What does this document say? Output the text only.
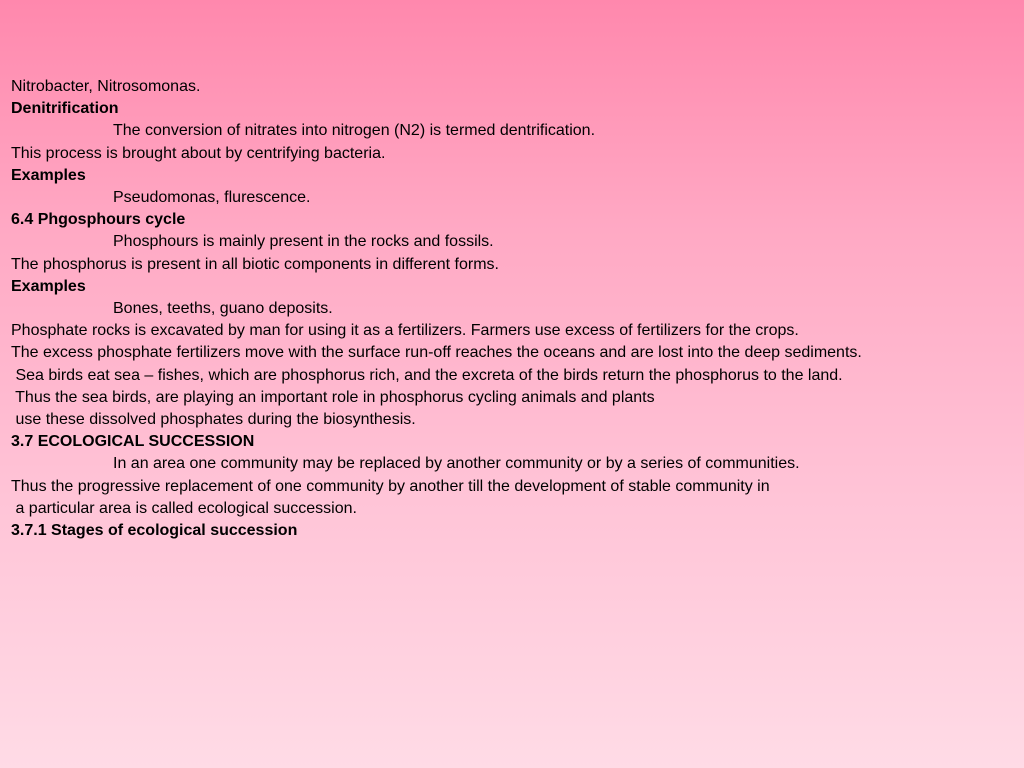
Nitrobacter, Nitrosomonas.

Denitrification

The conversion of nitrates into nitrogen (N2) is termed dentrification.

This process is brought about by centrifying bacteria.

Examples

Pseudomonas, flurescence.

6.4 Phgosphours cycle

Phosphours is mainly present in the rocks and fossils.

The phosphorus is present in all biotic components in different forms.

Examples

Bones, teeths, guano deposits.

Phosphate rocks is excavated by man for using it as a fertilizers. Farmers use excess of fertilizers for the crops.

The excess phosphate fertilizers move with the surface run-off reaches the oceans and are lost into the deep sediments.

Sea birds eat sea – fishes, which are phosphorus rich, and the excreta of the birds return the phosphorus to the land.

Thus the sea birds, are playing an important role in phosphorus cycling animals and plants

use these dissolved phosphates during the biosynthesis.

3.7 ECOLOGICAL SUCCESSION

In an area one community may be replaced by another community or by a series of communities.

Thus the progressive replacement of one community by another till the development of stable community in

a particular area is called ecological succession.

3.7.1 Stages of ecological succession
